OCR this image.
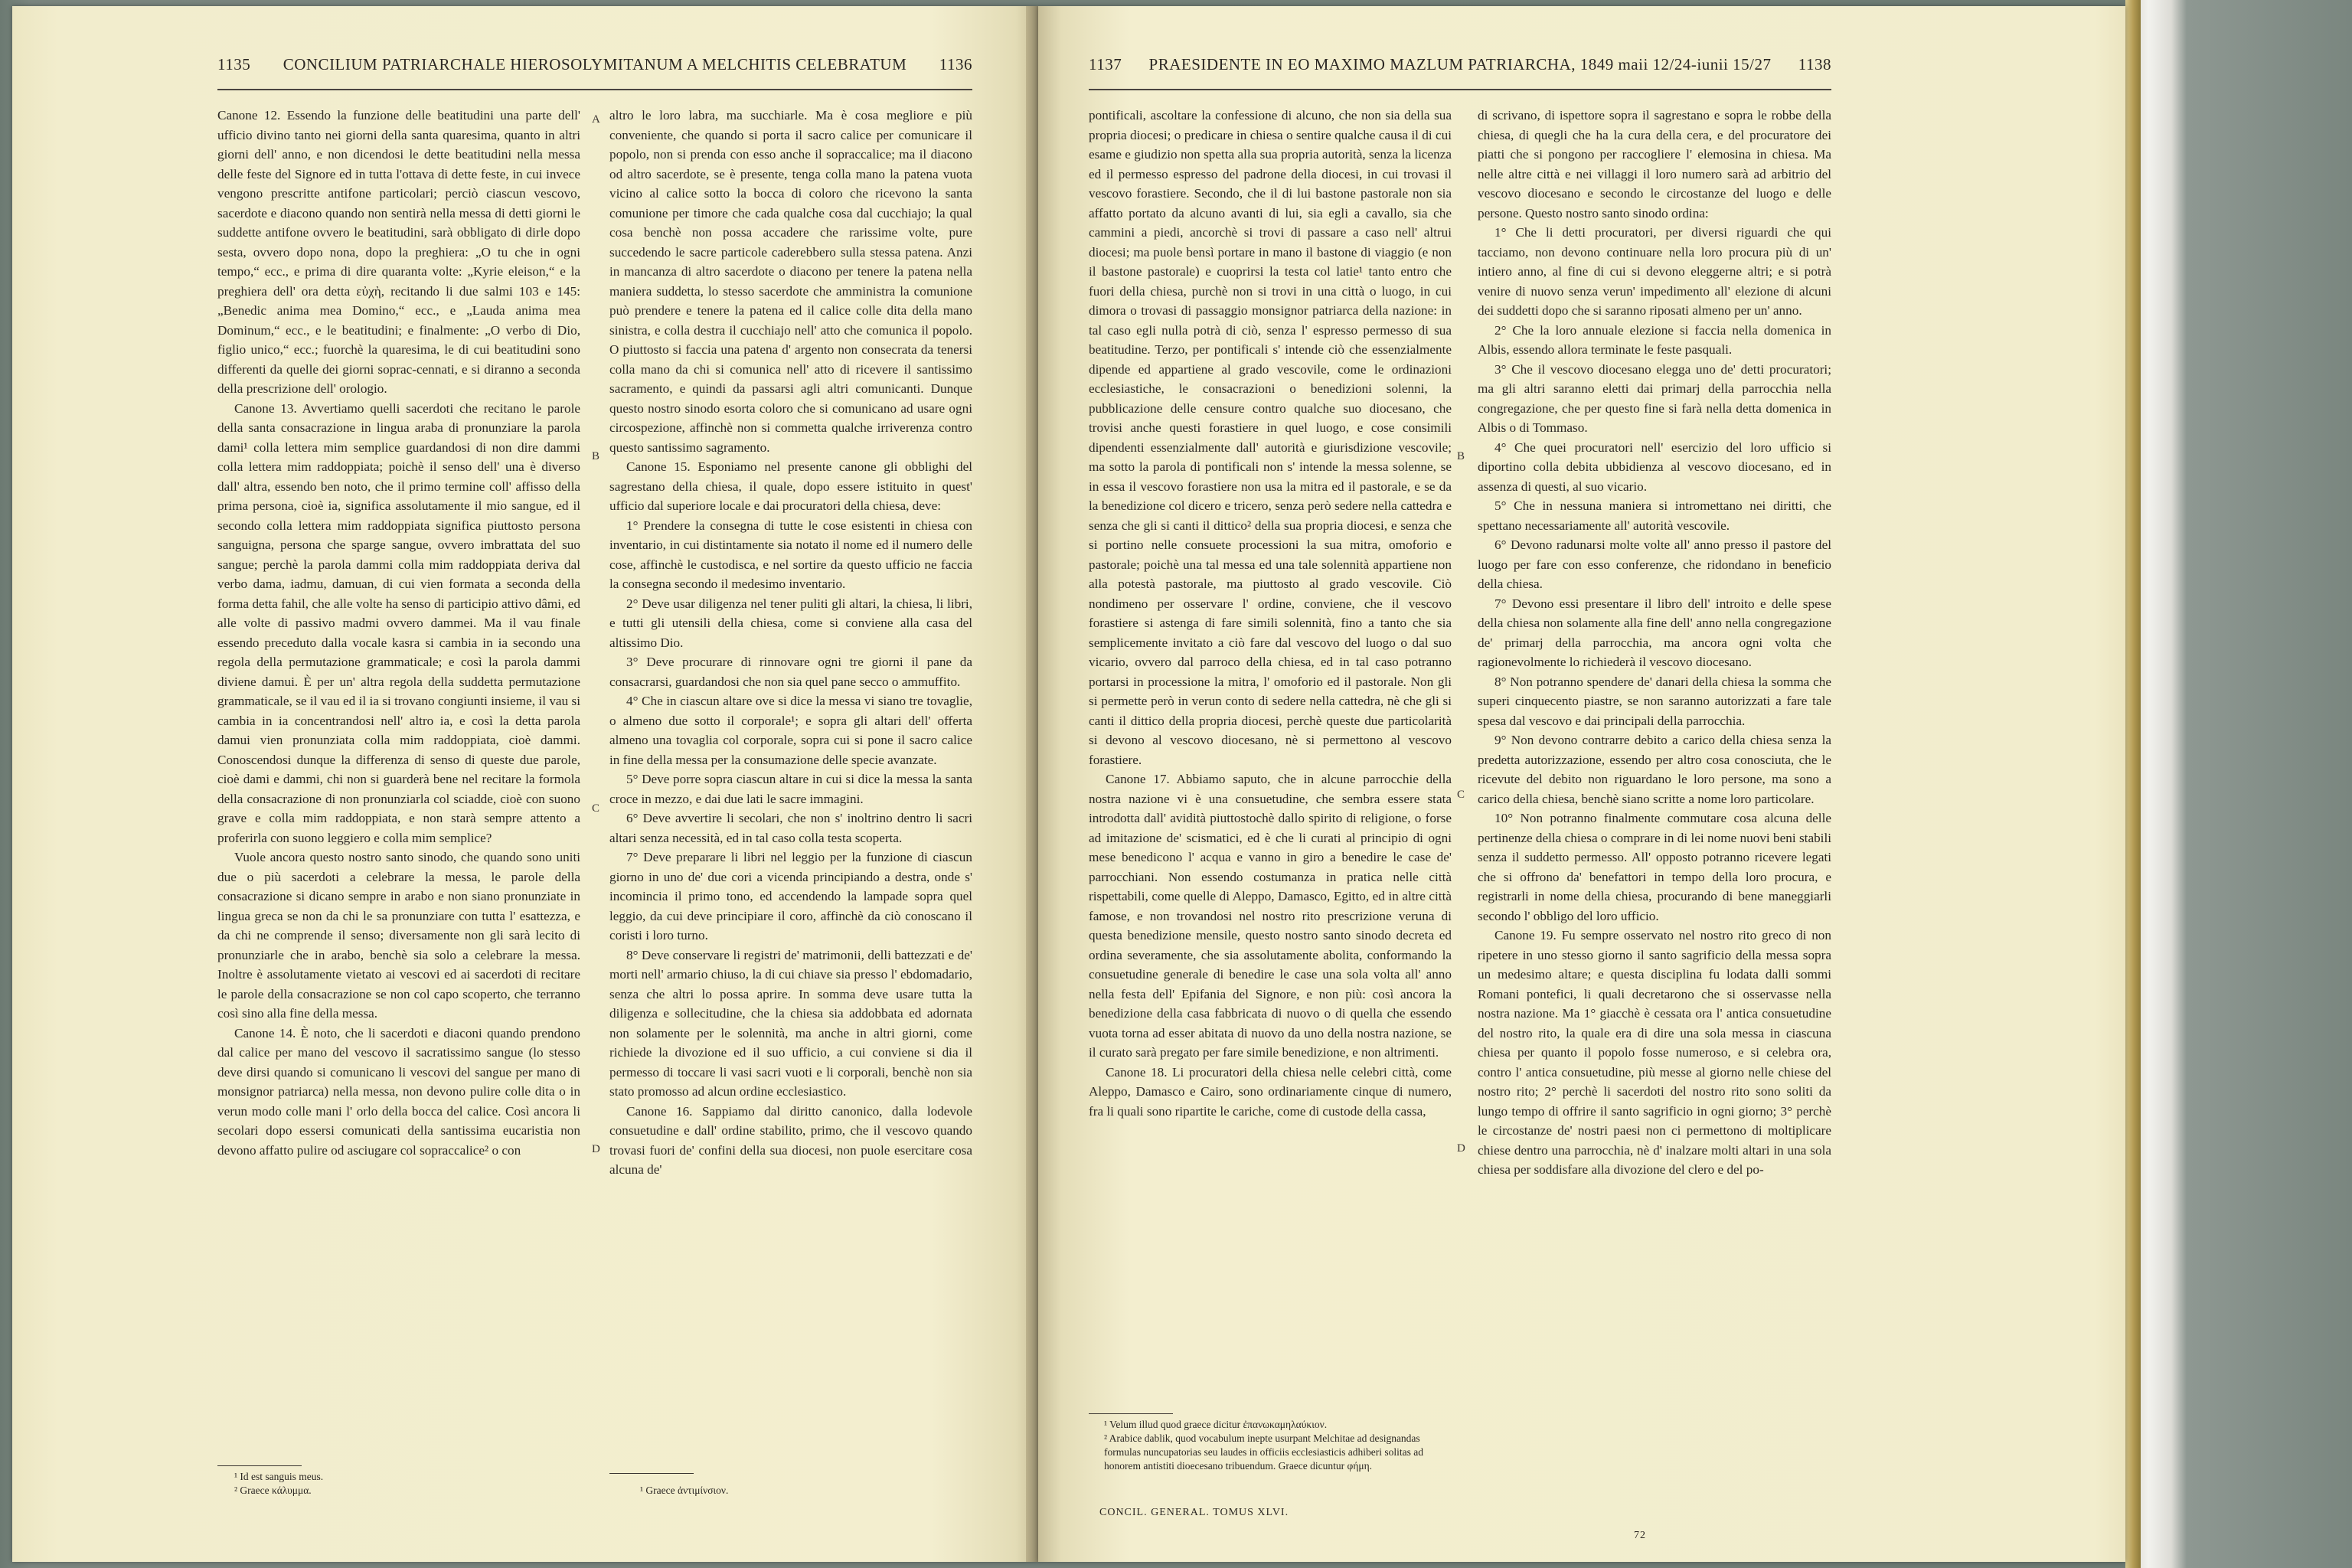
1135 CONCILIUM PATRIARCHALE HIEROSOLYMITANUM A MELCHITIS CELEBRATUM 1136

Canone 12. Essendo la funzione delle beatitudini una parte dell' ufficio divino tanto nei giorni della santa quaresima, quanto in altri giorni dell' anno, e non dicendosi le dette beatitudini nella messa delle feste del Signore ed in tutta l'ottava di dette feste, in cui invece vengono prescritte antifone particolari; perciò ciascun vescovo, sacerdote e diacono quando non sentirà nella messa di detti giorni le suddette antifone ovvero le beatitudini, sarà obbligato di dirle dopo sesta, ovvero dopo nona, dopo la preghiera: „O tu che in ogni tempo,“ ecc., e prima di dire quaranta volte: „Kyrie eleison,“ e la preghiera dell' ora detta εὐχὴ, recitando li due salmi 103 e 145: „Benedic anima mea Domino,“ ecc., e „Lauda anima mea Dominum,“ ecc., e le beatitudini; e finalmente: „O verbo di Dio, figlio unico,“ ecc.; fuorchè la quaresima, le di cui beatitudini sono differenti da quelle dei giorni soprac-cennati, e si diranno a seconda della prescrizione dell' orologio.

Canone 13. Avvertiamo quelli sacerdoti che recitano le parole della santa consacrazione in lingua araba di pronunziare la parola dami¹ colla lettera mim semplice guardandosi di non dire dammi colla lettera mim raddoppiata; poichè il senso dell' una è diverso dall' altra, essendo ben noto, che il primo termine coll' affisso della prima persona, cioè ia, significa assolutamente il mio sangue, ed il secondo colla lettera mim raddoppiata significa piuttosto persona sanguigna, persona che sparge sangue, ovvero imbrattata del suo sangue; perchè la parola dammi colla mim raddoppiata deriva dal verbo dama, iadmu, damuan, di cui vien formata a seconda della forma detta fahil, che alle volte ha senso di participio attivo dâmi, ed alle volte di passivo madmi ovvero dammei. Ma il vau finale essendo preceduto dalla vocale kasra si cambia in ia secondo una regola della permutazione grammaticale; e così la parola dammi diviene damui. È per un' altra regola della suddetta permutazione grammaticale, se il vau ed il ia si trovano congiunti insieme, il vau si cambia in ia concentrandosi nell' altro ia, e così la detta parola damui vien pronunziata colla mim raddoppiata, cioè dammi. Conoscendosi dunque la differenza di senso di queste due parole, cioè dami e dammi, chi non si guarderà bene nel recitare la formola della consacrazione di non pronunziarla col sciadde, cioè con suono grave e colla mim raddoppiata, e non starà sempre attento a proferirla con suono leggiero e colla mim semplice?

Vuole ancora questo nostro santo sinodo, che quando sono uniti due o più sacerdoti a celebrare la messa, le parole della consacrazione si dicano sempre in arabo e non siano pronunziate in lingua greca se non da chi le sa pronunziare con tutta l' esattezza, e da chi ne comprende il senso; diversamente non gli sarà lecito di pronunziarle che in arabo, benchè sia solo a celebrare la messa. Inoltre è assolutamente vietato ai vescovi ed ai sacerdoti di recitare le parole della consacrazione se non col capo scoperto, che terranno così sino alla fine della messa.

Canone 14. È noto, che li sacerdoti e diaconi quando prendono dal calice per mano del vescovo il sacratissimo sangue (lo stesso deve dirsi quando si comunicano li vescovi del sangue per mano di monsignor patriarca) nella messa, non devono pulire colle dita o in verun modo colle mani l' orlo della bocca del calice. Così ancora li secolari dopo essersi comunicati della santissima eucaristia non devono affatto pulire od asciugare col sopraccalice² o con

¹ Id est sanguis meus.
² Graece κάλυμμα.

altro le loro labra, ma succhiarle. Ma è cosa megliore e più conveniente, che quando si porta il sacro calice per comunicare il popolo, non si prenda con esso anche il sopraccalice; ma il diacono od altro sacerdote, se è presente, tenga colla mano la patena vuota vicino al calice sotto la bocca di coloro che ricevono la santa comunione per timore che cada qualche cosa dal cucchiajo; la qual cosa benchè non possa accadere che rarissime volte, pure succedendo le sacre particole caderebbero sulla stessa patena. Anzi in mancanza di altro sacerdote o diacono per tenere la patena nella maniera suddetta, lo stesso sacerdote che amministra la comunione può prendere e tenere la patena ed il calice colle dita della mano sinistra, e colla destra il cucchiajo nell' atto che comunica il popolo. O piuttosto si faccia una patena d' argento non consecrata da tenersi colla mano da chi si comunica nell' atto di ricevere il santissimo sacramento, e quindi da passarsi agli altri comunicanti. Dunque questo nostro sinodo esorta coloro che si comunicano ad usare ogni circospezione, affinchè non si commetta qualche irriverenza contro questo santissimo sagramento.

Canone 15. Esponiamo nel presente canone gli obblighi del sagrestano della chiesa, il quale, dopo essere istituito in quest' ufficio dal superiore locale e dai procuratori della chiesa, deve:

1° Prendere la consegna di tutte le cose esistenti in chiesa con inventario, in cui distintamente sia notato il nome ed il numero delle cose, affinchè le custodisca, e nel sortire da questo ufficio ne faccia la consegna secondo il medesimo inventario.

2° Deve usar diligenza nel tener puliti gli altari, la chiesa, li libri, e tutti gli utensili della chiesa, come si conviene alla casa del altissimo Dio.

3° Deve procurare di rinnovare ogni tre giorni il pane da consacrarsi, guardandosi che non sia quel pane secco o ammuffito.

4° Che in ciascun altare ove si dice la messa vi siano tre tovaglie, o almeno due sotto il corporale¹; e sopra gli altari dell' offerta almeno una tovaglia col corporale, sopra cui si pone il sacro calice in fine della messa per la consumazione delle specie avanzate.

5° Deve porre sopra ciascun altare in cui si dice la messa la santa croce in mezzo, e dai due lati le sacre immagini.

6° Deve avvertire li secolari, che non s' inoltrino dentro li sacri altari senza necessità, ed in tal caso colla testa scoperta.

7° Deve preparare li libri nel leggio per la funzione di ciascun giorno in uno de' due cori a vicenda principiando a destra, onde s' incomincia il primo tono, ed accendendo la lampade sopra quel leggio, da cui deve principiare il coro, affinchè da ciò conoscano il coristi i loro turno.

8° Deve conservare li registri de' matrimonii, delli battezzati e de' morti nell' armario chiuso, la di cui chiave sia presso l' ebdomadario, senza che altri lo possa aprire. In somma deve usare tutta la diligenza e sollecitudine, che la chiesa sia addobbata ed adornata non solamente per le solennità, ma anche in altri giorni, come richiede la divozione ed il suo ufficio, a cui conviene si dia il permesso di toccare li vasi sacri vuoti e li corporali, benchè non sia stato promosso ad alcun ordine ecclesiastico.

Canone 16. Sappiamo dal diritto canonico, dalla lodevole consuetudine e dall' ordine stabilito, primo, che il vescovo quando trovasi fuori de' confini della sua diocesi, non puole esercitare cosa alcuna de'

¹ Graece ἀντιμίνσιον.
A
B
C
D
1137 PRAESIDENTE IN EO MAXIMO MAZLUM PATRIARCHA, 1849 maii 12/24-iunii 15/27 1138

pontificali, ascoltare la confessione di alcuno, che non sia della sua propria diocesi; o predicare in chiesa o sentire qualche causa il di cui esame e giudizio non spetta alla sua propria autorità, senza la licenza ed il permesso espresso del padrone della diocesi, in cui trovasi il vescovo forastiere. Secondo, che il di lui bastone pastorale non sia affatto portato da alcuno avanti di lui, sia egli a cavallo, sia che cammini a piedi, ancorchè si trovi di passare a caso nell' altrui diocesi; ma puole bensì portare in mano il bastone di viaggio (e non il bastone pastorale) e cuoprirsi la testa col latie¹ tanto entro che fuori della chiesa, purchè non si trovi in una città o luogo, in cui dimora o trovasi di passaggio monsignor patriarca della nazione: in tal caso egli nulla potrà di ciò, senza l' espresso permesso di sua beatitudine. Terzo, per pontificali s' intende ciò che essenzialmente dipende ed appartiene al grado vescovile, come le ordinazioni ecclesiastiche, le consacrazioni o benedizioni solenni, la pubblicazione delle censure contro qualche suo diocesano, che trovisi anche questi forastiere in quel luogo, e cose consimili dipendenti essenzialmente dall' autorità e giurisdizione vescovile; ma sotto la parola di pontificali non s' intende la messa solenne, se in essa il vescovo forastiere non usa la mitra ed il pastorale, e se da la benedizione col dicero e tricero, senza però sedere nella cattedra e senza che gli si canti il dittico² della sua propria diocesi, e senza che si portino nelle consuete processioni la sua mitra, omoforio e pastorale; poichè una tal messa ed una tale solennità appartiene non alla potestà pastorale, ma piuttosto al grado vescovile. Ciò nondimeno per osservare l' ordine, conviene, che il vescovo forastiere si astenga di fare simili solennità, fino a tanto che sia semplicemente invitato a ciò fare dal vescovo del luogo o dal suo vicario, ovvero dal parroco della chiesa, ed in tal caso potranno portarsi in processione la mitra, l' omoforio ed il pastorale. Non gli si permette però in verun conto di sedere nella cattedra, nè che gli si canti il dittico della propria diocesi, perchè queste due particolarità si devono al vescovo diocesano, nè si permettono al vescovo forastiere.

Canone 17. Abbiamo saputo, che in alcune parrocchie della nostra nazione vi è una consuetudine, che sembra essere stata introdotta dall' avidità piuttostochè dallo spirito di religione, o forse ad imitazione de' scismatici, ed è che li curati al principio di ogni mese benedicono l' acqua e vanno in giro a benedire le case de' parrocchiani. Non essendo costumanza in pratica nelle città rispettabili, come quelle di Aleppo, Damasco, Egitto, ed in altre città famose, e non trovandosi nel nostro rito prescrizione veruna di questa benedizione mensile, questo nostro santo sinodo decreta ed ordina severamente, che sia assolutamente abolita, conformando la consuetudine generale di benedire le case una sola volta all' anno nella festa dell' Epifania del Signore, e non più: così ancora la benedizione della casa fabbricata di nuovo o di quella che essendo vuota torna ad esser abitata di nuovo da uno della nostra nazione, se il curato sarà pregato per fare simile benedizione, e non altrimenti.

Canone 18. Li procuratori della chiesa nelle celebri città, come Aleppo, Damasco e Cairo, sono ordinariamente cinque di numero, fra li quali sono ripartite le cariche, come di custode della cassa,

¹ Velum illud quod graece dicitur ἐπανωκαμηλαύκιον.
² Arabice dablik, quod vocabulum inepte usurpant Melchitae ad designandas formulas nuncupatorias seu laudes in officiis ecclesiasticis adhiberi solitas ad honorem antistiti dioecesano tribuendum. Graece dicuntur φήμη.
CONCIL. GENERAL. TOMUS XLVI.

di scrivano, di ispettore sopra il sagrestano e sopra le robbe della chiesa, di quegli che ha la cura della cera, e del procuratore dei piatti che si pongono per raccogliere l' elemosina in chiesa. Ma nelle altre città e nei villaggi il loro numero sarà ad arbitrio del vescovo diocesano e secondo le circostanze del luogo e delle persone. Questo nostro santo sinodo ordina:

1° Che li detti procuratori, per diversi riguardi che qui tacciamo, non devono continuare nella loro procura più di un' intiero anno, al fine di cui si devono eleggerne altri; e si potrà venire di nuovo senza verun' impedimento all' elezione di alcuni dei suddetti dopo che si saranno riposati almeno per un' anno.

2° Che la loro annuale elezione si faccia nella domenica in Albis, essendo allora terminate le feste pasquali.

3° Che il vescovo diocesano elegga uno de' detti procuratori; ma gli altri saranno eletti dai primarj della parrocchia nella congregazione, che per questo fine si farà nella detta domenica in Albis o di Tommaso.

4° Che quei procuratori nell' esercizio del loro ufficio si diportino colla debita ubbidienza al vescovo diocesano, ed in assenza di questi, al suo vicario.

5° Che in nessuna maniera si intromettano nei diritti, che spettano necessariamente all' autorità vescovile.

6° Devono radunarsi molte volte all' anno presso il pastore del luogo per fare con esso conferenze, che ridondano in beneficio della chiesa.

7° Devono essi presentare il libro dell' introito e delle spese della chiesa non solamente alla fine dell' anno nella congregazione de' primarj della parrocchia, ma ancora ogni volta che ragionevolmente lo richiederà il vescovo diocesano.

8° Non potranno spendere de' danari della chiesa la somma che superi cinquecento piastre, se non saranno autorizzati a fare tale spesa dal vescovo e dai principali della parrocchia.

9° Non devono contrarre debito a carico della chiesa senza la predetta autorizzazione, essendo per altro cosa conosciuta, che le ricevute del debito non riguardano le loro persone, ma sono a carico della chiesa, benchè siano scritte a nome loro particolare.

10° Non potranno finalmente commutare cosa alcuna delle pertinenze della chiesa o comprare in di lei nome nuovi beni stabili senza il suddetto permesso. All' opposto potranno ricevere legati che si offrono da' benefattori in tempo della loro procura, e registrarli in nome della chiesa, procurando di bene maneggiarli secondo l' obbligo del loro ufficio.

Canone 19. Fu sempre osservato nel nostro rito greco di non ripetere in uno stesso giorno il santo sagrificio della messa sopra un medesimo altare; e questa disciplina fu lodata dalli sommi Romani pontefici, li quali decretarono che si osservasse nella nostra nazione. Ma 1° giacchè è cessata ora l' antica consuetudine del nostro rito, la quale era di dire una sola messa in ciascuna chiesa per quanto il popolo fosse numeroso, e si celebra ora, contro l' antica consuetudine, più messe al giorno nelle chiese del nostro rito; 2° perchè li sacerdoti del nostro rito sono soliti da lungo tempo di offrire il santo sagrificio in ogni giorno; 3° perchè le circostanze de' nostri paesi non ci permettono di moltiplicare chiese dentro una parrocchia, nè d' inalzare molti altari in una sola chiesa per soddisfare alla divozione del clero e del po-

72
B
C
D
